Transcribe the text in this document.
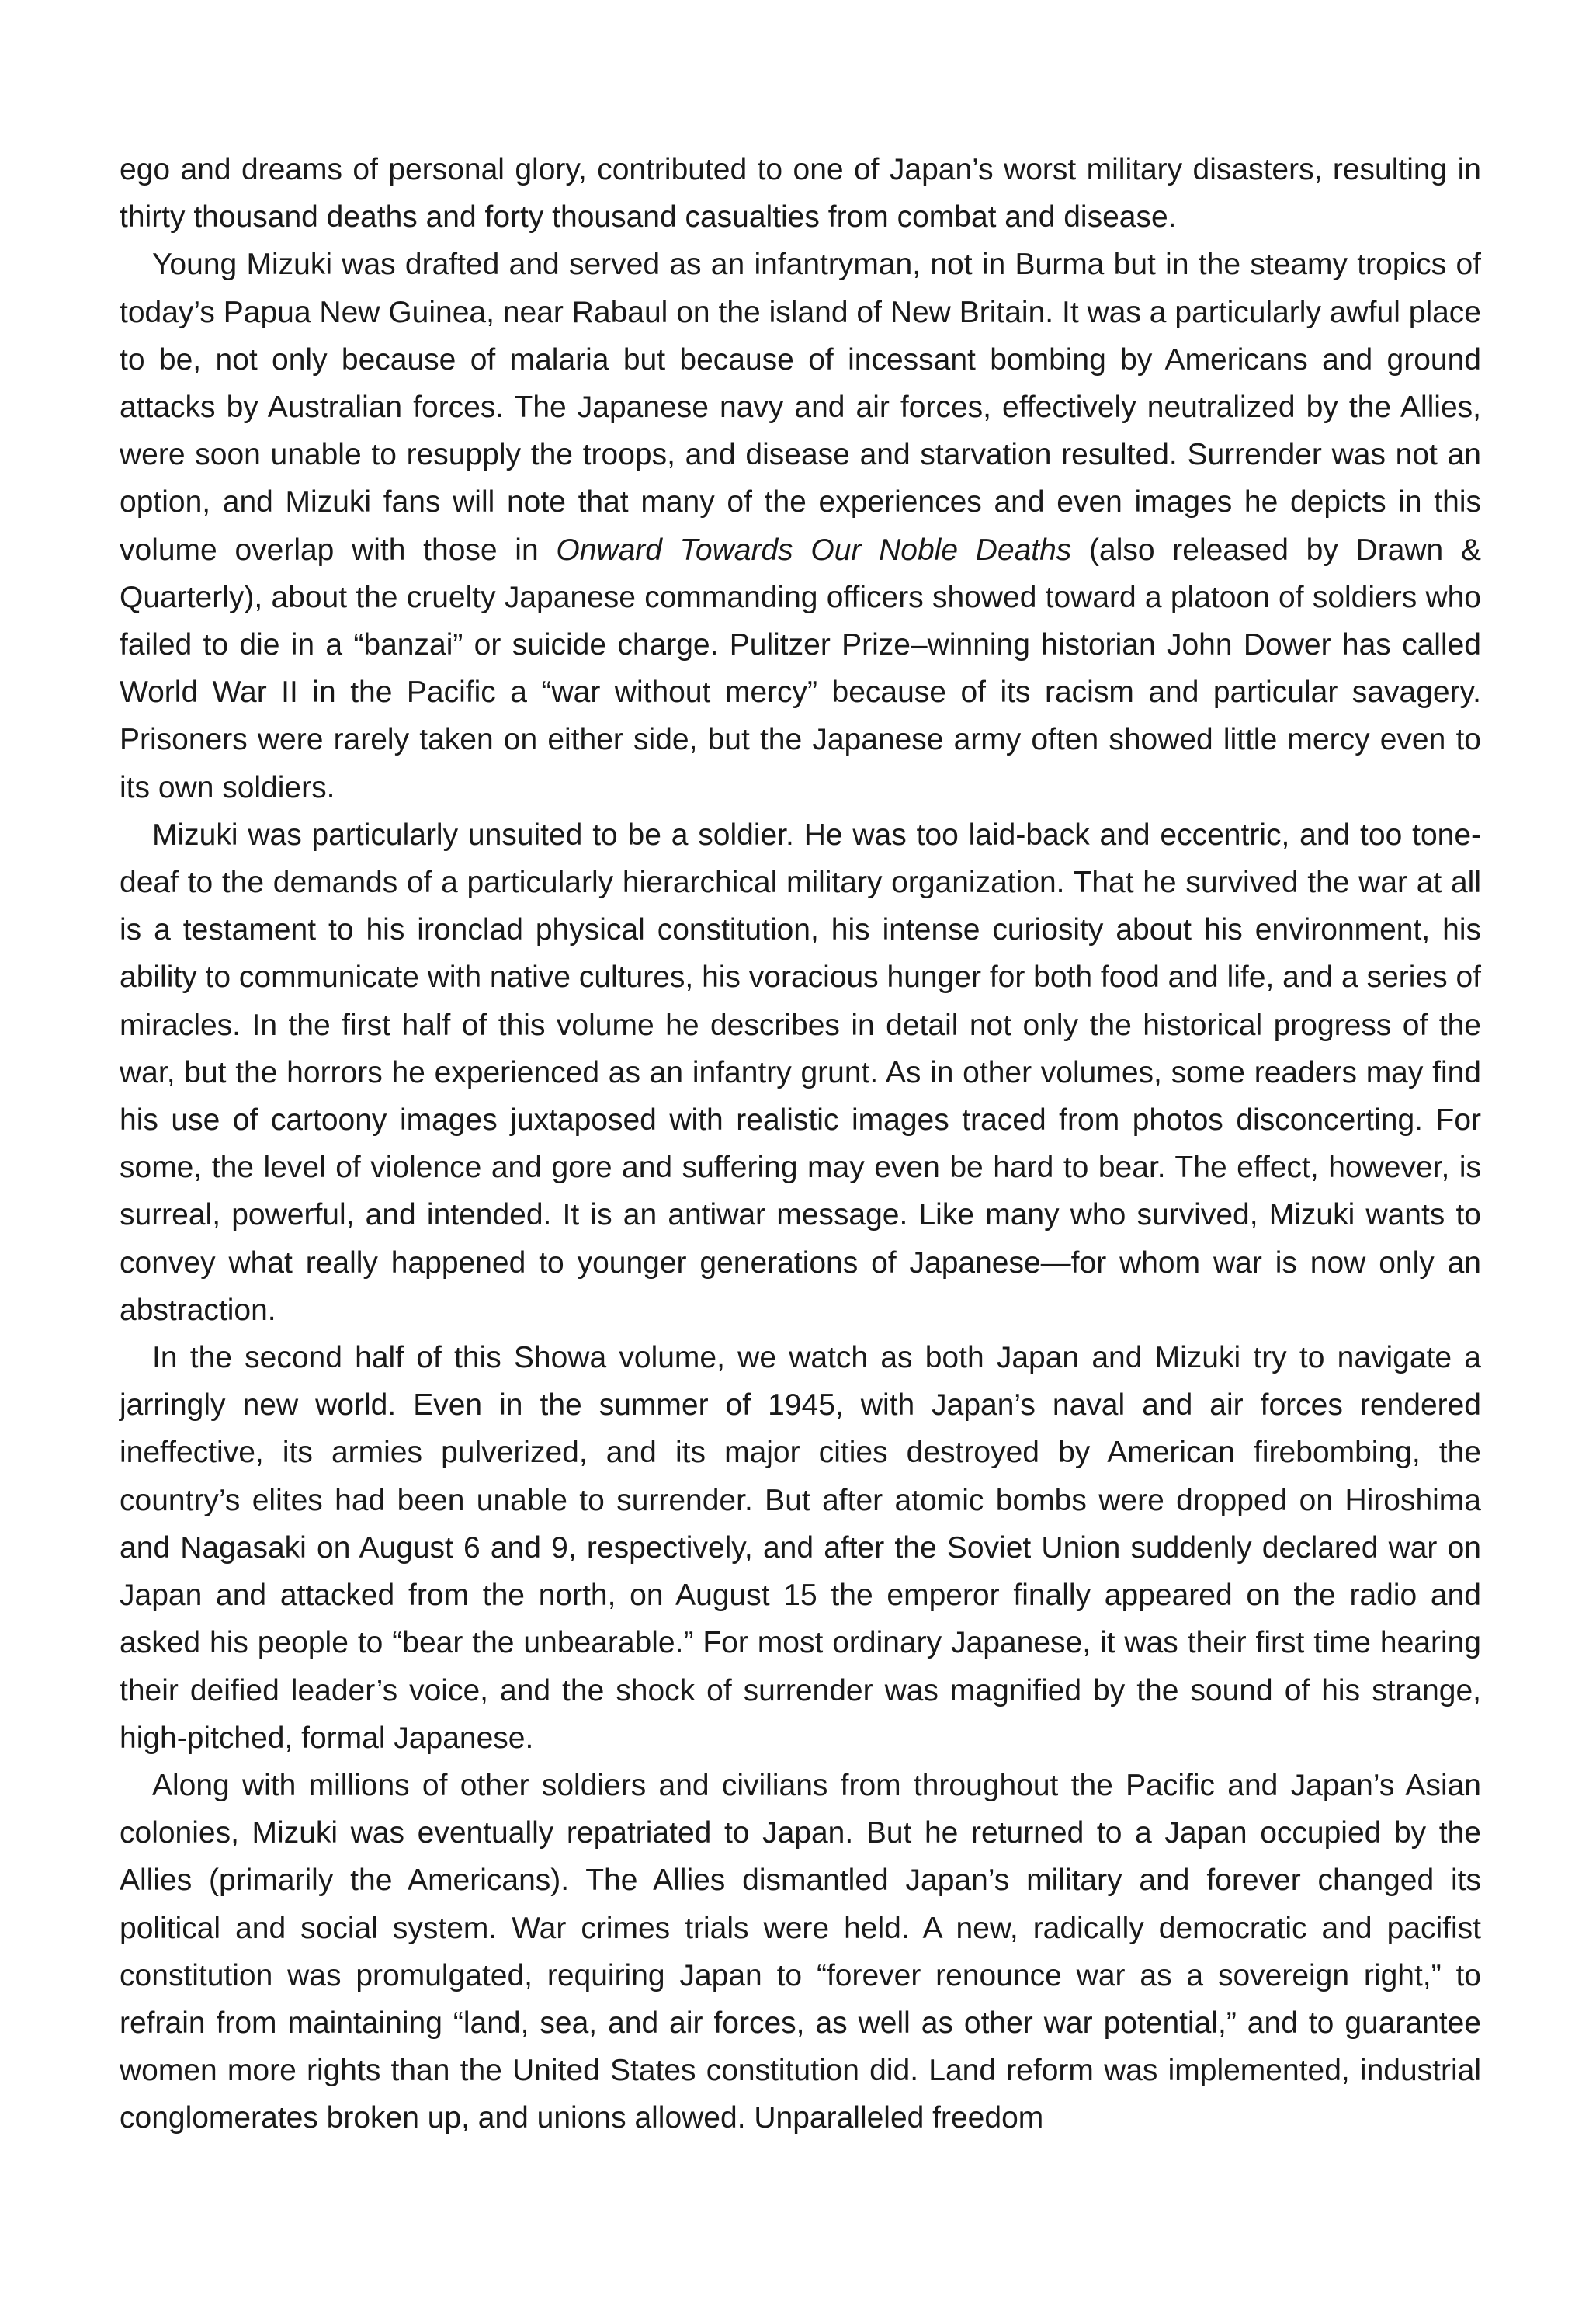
ego and dreams of personal glory, contributed to one of Japan’s worst military disasters, resulting in thirty thousand deaths and forty thousand casualties from combat and disease.

Young Mizuki was drafted and served as an infantryman, not in Burma but in the steamy tropics of today’s Papua New Guinea, near Rabaul on the island of New Britain. It was a particularly awful place to be, not only because of malaria but because of incessant bombing by Americans and ground attacks by Australian forces. The Japanese navy and air forces, effectively neutralized by the Allies, were soon unable to resupply the troops, and disease and starvation resulted. Surrender was not an option, and Mizuki fans will note that many of the experiences and even images he depicts in this volume overlap with those in Onward Towards Our Noble Deaths (also released by Drawn & Quarterly), about the cruelty Japanese commanding officers showed toward a platoon of soldiers who failed to die in a “banzai” or suicide charge. Pulitzer Prize–winning historian John Dower has called World War II in the Pacific a “war without mercy” because of its racism and particular savagery. Prisoners were rarely taken on either side, but the Japanese army often showed little mercy even to its own soldiers.

Mizuki was particularly unsuited to be a soldier. He was too laid-back and eccentric, and too tone-deaf to the demands of a particularly hierarchical military organization. That he survived the war at all is a testament to his ironclad physical constitution, his intense curiosity about his environment, his ability to communicate with native cultures, his voracious hunger for both food and life, and a series of miracles. In the first half of this volume he describes in detail not only the historical progress of the war, but the horrors he experienced as an infantry grunt. As in other volumes, some readers may find his use of cartoony images juxtaposed with realistic images traced from photos disconcerting. For some, the level of violence and gore and suffering may even be hard to bear. The effect, however, is surreal, powerful, and intended. It is an antiwar message. Like many who survived, Mizuki wants to convey what really happened to younger generations of Japanese—for whom war is now only an abstraction.

In the second half of this Showa volume, we watch as both Japan and Mizuki try to navigate a jarringly new world. Even in the summer of 1945, with Japan’s naval and air forces rendered ineffective, its armies pulverized, and its major cities destroyed by American firebombing, the country’s elites had been unable to surrender. But after atomic bombs were dropped on Hiroshima and Nagasaki on August 6 and 9, respectively, and after the Soviet Union suddenly declared war on Japan and attacked from the north, on August 15 the emperor finally appeared on the radio and asked his people to “bear the unbearable.” For most ordinary Japanese, it was their first time hearing their deified leader’s voice, and the shock of surrender was magnified by the sound of his strange, high-pitched, formal Japanese.

Along with millions of other soldiers and civilians from throughout the Pacific and Japan’s Asian colonies, Mizuki was eventually repatriated to Japan. But he returned to a Japan occupied by the Allies (primarily the Americans). The Allies dismantled Japan’s military and forever changed its political and social system. War crimes trials were held. A new, radically democratic and pacifist constitution was promulgated, requiring Japan to “forever renounce war as a sovereign right,” to refrain from maintaining “land, sea, and air forces, as well as other war potential,” and to guarantee women more rights than the United States constitution did. Land reform was implemented, industrial conglomerates broken up, and unions allowed. Unparalleled freedom
